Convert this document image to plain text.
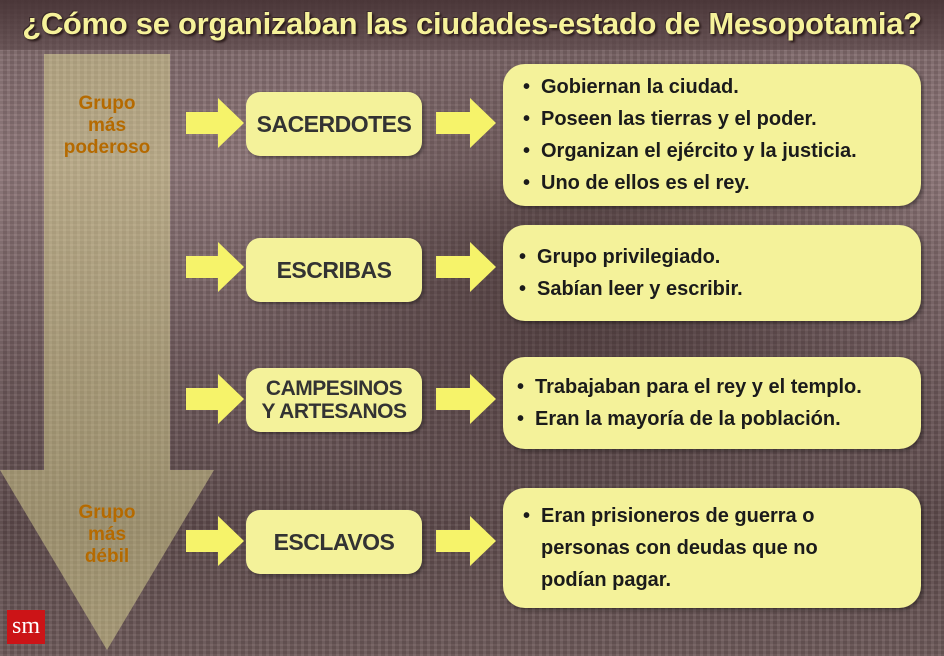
¿Cómo se organizaban las ciudades-estado de Mesopotamia?
Grupo
más
poderoso
Grupo
más
débil
SACERDOTES
ESCRIBAS
CAMPESINOS
Y ARTESANOS
ESCLAVOS
• Gobiernan la ciudad.
• Poseen las tierras y el poder.
• Organizan el ejército y la justicia.
• Uno de ellos es el rey.
• Grupo privilegiado.
• Sabían leer y escribir.
• Trabajaban para el rey y el templo.
• Eran la mayoría de la población.
• Eran prisioneros de guerra o personas con deudas que no podían pagar.
sm
